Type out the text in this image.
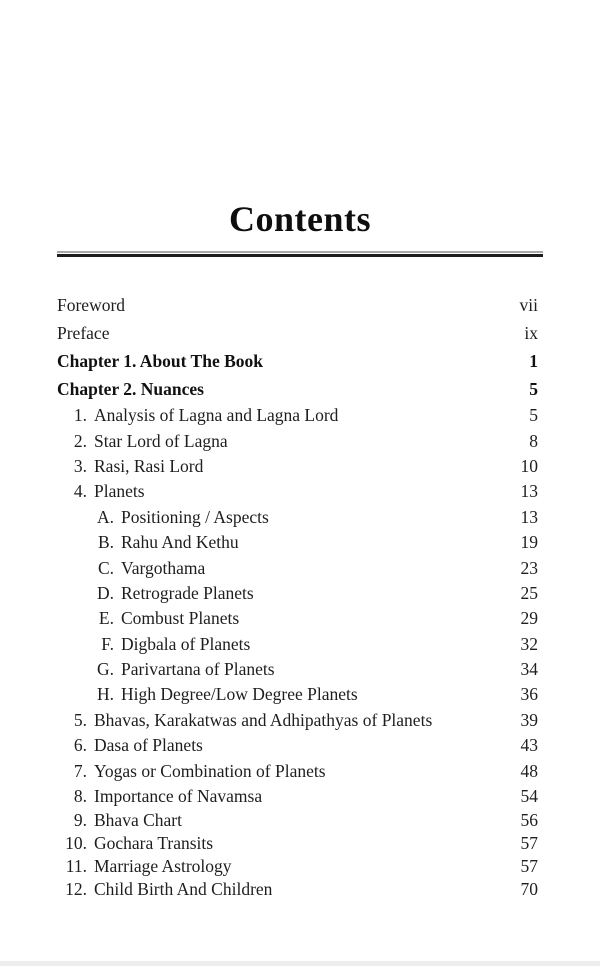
Contents
Foreword	vii
Preface	ix
Chapter 1. About The Book	1
Chapter 2. Nuances	5
1. Analysis of Lagna and Lagna Lord	5
2. Star Lord of Lagna	8
3. Rasi, Rasi Lord	10
4. Planets	13
A. Positioning / Aspects	13
B. Rahu And Kethu	19
C. Vargothama	23
D. Retrograde Planets	25
E. Combust Planets	29
F. Digbala of Planets	32
G. Parivartana of Planets	34
H. High Degree/Low Degree Planets	36
5. Bhavas, Karakatwas and Adhipathyas of Planets	39
6. Dasa of Planets	43
7. Yogas or Combination of Planets	48
8. Importance of Navamsa	54
9. Bhava Chart	56
10. Gochara Transits	57
11. Marriage Astrology	57
12. Child Birth And Children	70
